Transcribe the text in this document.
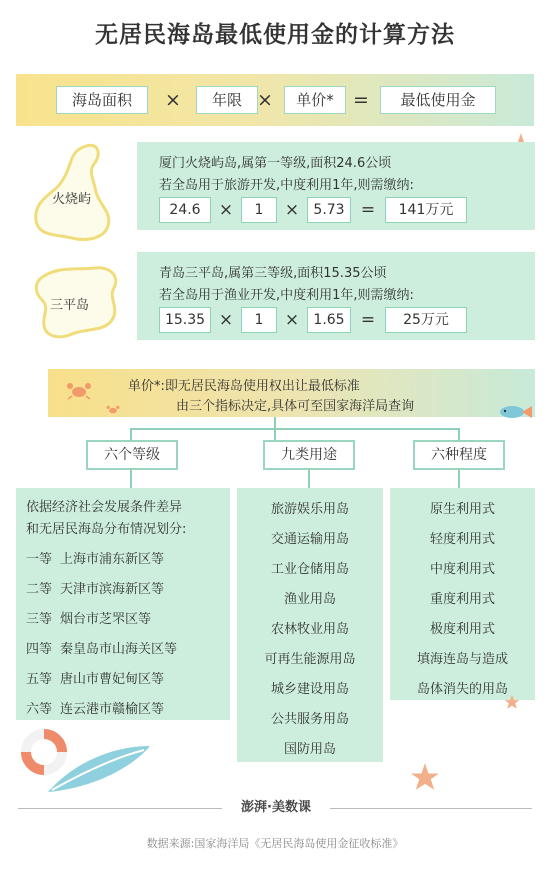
无居民海岛最低使用金的计算方法
海岛面积	×	年限 ×	单价*	=	最低使用金
火烧屿
厦门火烧屿岛,属第一等级,面积24.6公顷
若全岛用于旅游开发,中度利用1年,则需缴纳:
24.6	×	1	×	5.73 =	141万元
三平岛
青岛三平岛,属第三等级,面积15.35公顷
若全岛用于渔业开发,中度利用1年,则需缴纳:
15.35 ×	1	×	1.65 =	25万元
单价*:即无居民海岛使用权出让最低标准
由三个指标决定,具体可至国家海洋局查询
六个等级	九类用途	六种程度
依据经济社会发展条件差异
和无居民海岛分布情况划分:
一等 上海市浦东新区等
二等 天津市滨海新区等
三等 烟台市芝罘区等
四等 秦皇岛市山海关区等
五等 唐山市曹妃甸区等
六等 连云港市赣榆区等
旅游娱乐用岛
交通运输用岛
工业仓储用岛
渔业用岛
农林牧业用岛
可再生能源用岛
城乡建设用岛
公共服务用岛
国防用岛
原生利用式
轻度利用式
中度利用式
重度利用式
极度利用式
填海连岛与造成
岛体消失的用岛
澎湃·美数课
数据来源:国家海洋局《无居民海岛使用金征收标准》
